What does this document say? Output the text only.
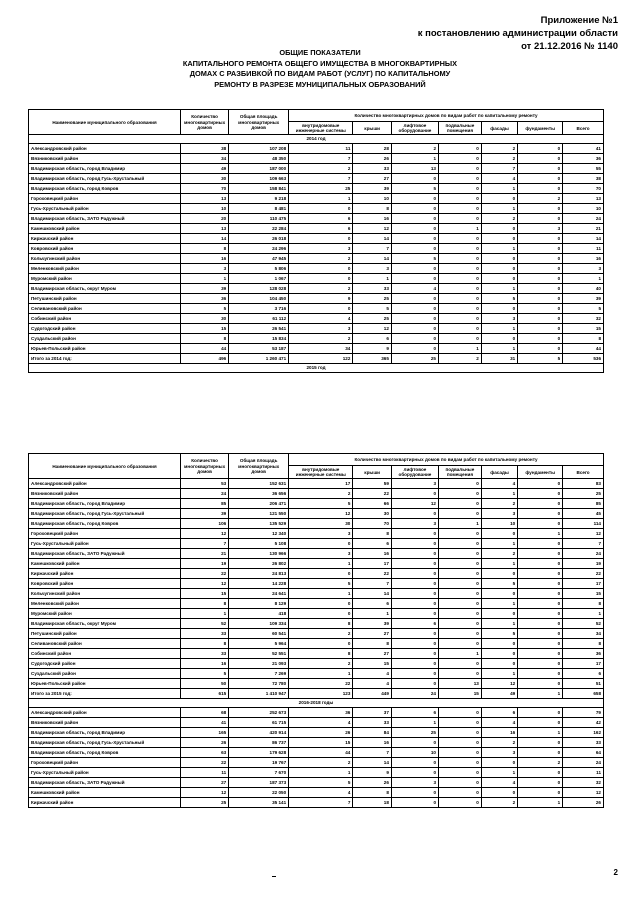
Приложение №1
к постановлению администрации области
от 21.12.2016 № 1140
ОБЩИЕ ПОКАЗАТЕЛИ
КАПИТАЛЬНОГО РЕМОНТА ОБЩЕГО ИМУЩЕСТВА В МНОГОКВАРТИРНЫХ
ДОМАХ С РАЗБИВКОЙ ПО ВИДАМ РАБОТ (УСЛУГ) ПО КАПИТАЛЬНОМУ
РЕМОНТУ В РАЗРЕЗЕ МУНИЦИПАЛЬНЫХ ОБРАЗОВАНИЙ
Наименование муниципального образования	Количество многоквартирных домов	Общая площадь многоквартирных домов	Количество многоквартирных домов по видам работ по капитальному ремонту						
			внутридомовые инженерные системы	крыши	лифтовое оборудование	подвальные помещения	фасады	фундаменты	Всего
2014 год									
Александровский район	38	107 208	11	28	2	0	2	0	41
Вязниковский район	34	48 350	7	26	1	0	2	0	36
Владимирская область, город Владимир	49	187 000	2	33	13	0	7	0	55
Владимирская область, город Гусь-Хрустальный	30	109 663	7	27	0	0	4	0	38
Владимирская область, город Ковров	70	158 841	25	39	5	0	1	0	70
Гороховецкий район	13	9 218	1	10	0	0	0	2	13
Гусь-Хрустальный район	10	8 481	0	8	0	0	1	0	10
Владимирская область, ЗАТО Радужный	20	110 475	6	16	0	0	2	0	24
Камешковский район	13	22 284	6	12	0	1	0	3	21
Киржачский район	14	26 018	0	14	0	0	0	0	14
Ковровский район	8	24 296	3	7	0	0	1	0	11
Кольчугинский район	16	47 945	2	14	5	0	0	0	16
Меленковский район	3	5 806	0	3	0	0	0	0	3
Муромский район	1	1 067	0	1	0	0	0	0	1
Владимирская область, округ Муром	39	128 028	2	33	4	0	1	0	40
Петушинский район	36	104 450	9	25	0	0	5	0	39
Селивановский район	5	3 716	0	5	0	0	0	0	5
Собинский район	30	61 112	4	25	0	0	3	0	32
Судогодский район	15	26 541	3	12	0	0	1	0	15
Суздальский район	8	15 834	2	6	0	0	0	0	8
Юрьев-Польский район	44	53 187	34	9	0	1	1	0	44
Итого за 2014 год:	496	1 260 471	122	365	25	2	31	5	536
2015 год									
Наименование муниципального образования	Количество многоквартирных домов	Общая площадь многоквартирных домов	Количество многоквартирных домов по видам работ по капитальному ремонту						
			внутридомовые инженерные системы	крыши	лифтовое оборудование	подвальные помещения	фасады	фундаменты	Всего
Александровский район	53	152 631	17	59	3	0	4	0	83
Вязниковский район	24	36 656	2	22	0	0	1	0	25
Владимирская область, город Владимир	85	206 471	5	66	12	0	2	0	85
Владимирская область, город Гусь-Хрустальный	39	121 550	12	30	0	0	3	0	45
Владимирская область, город Ковров	106	135 529	30	70	3	1	10	0	114
Гороховецкий район	12	12 340	3	8	0	0	0	1	12
Гусь-Хрустальный район	7	5 108	0	6	0	0	1	0	7
Владимирская область, ЗАТО Радужный	21	130 966	3	16	0	0	2	0	24
Камешковский район	19	26 802	1	17	0	0	1	0	19
Киржачский район	22	24 813	0	22	0	0	0	0	22
Ковровский район	12	14 228	5	7	0	0	5	0	17
Кольчугинский район	15	24 641	1	14	0	0	0	0	15
Меленковский район	8	8 129	0	6	0	0	1	0	8
Муромский район	1	418	0	1	0	0	0	0	1
Владимирская область, округ Муром	52	109 334	8	39	6	0	1	0	52
Петушинский район	33	60 541	2	27	0	0	5	0	34
Селивановский район	8	5 964	0	8	0	0	0	0	8
Собинский район	33	52 551	8	27	0	1	0	0	36
Судогодский район	16	21 093	2	15	0	0	0	0	17
Суздальский район	5	7 269	1	4	0	0	1	0	6
Юрьев-Польский район	50	72 780	22	4	0	13	12	0	51
Итого за 2015 год:	615	1 410 947	123	449	24	15	49	1	658
2016-2018 годы									
Александровский район	68	252 673	36	37	6	0	6	0	79
Вязниковский район	41	61 715	4	33	1	0	4	0	42
Владимирская область, город Владимир	165	420 914	26	84	25	0	16	1	162
Владимирская область, город Гусь-Хрустальный	26	86 737	15	16	0	0	2	0	33
Владимирская область, город Ковров	63	179 628	44	7	10	0	3	0	64
Гороховецкий район	22	19 767	2	14	0	0	0	2	24
Гусь-Хрустальный район	11	7 670	1	9	0	0	1	0	11
Владимирская область, ЗАТО Радужный	27	187 373	5	26	3	0	4	0	32
Камешковский район	12	22 050	4	8	0	0	0	0	12
Киржачский район	25	35 141	7	18	0	0	2	1	26
2
